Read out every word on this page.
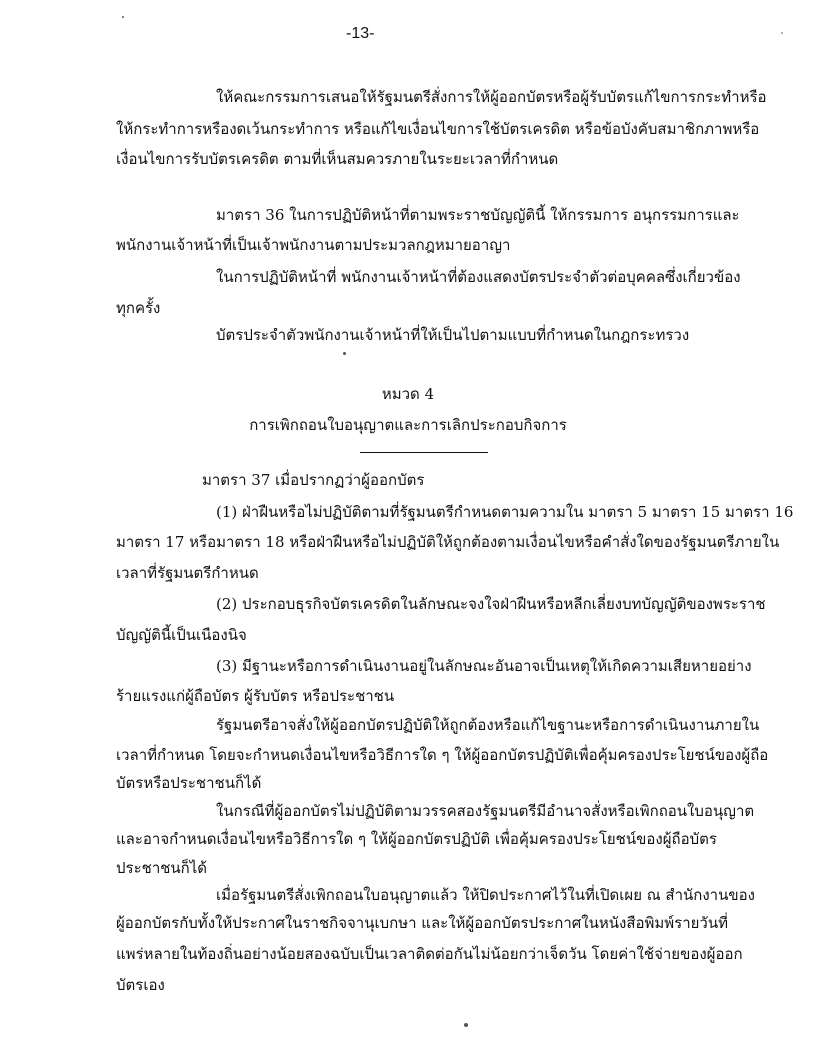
-13-
ให้คณะกรรมการเสนอให้รัฐมนตรีสั่งการให้ผู้ออกบัตรหรือผู้รับบัตรแก้ไขการกระทำหรือ
ให้กระทำการหรืองดเว้นกระทำการ หรือแก้ไขเงื่อนไขการใช้บัตรเครดิต หรือข้อบังคับสมาชิกภาพหรือ
เงื่อนไขการรับบัตรเครดิต ตามที่เห็นสมควรภายในระยะเวลาที่กำหนด
มาตรา 36 ในการปฏิบัติหน้าที่ตามพระราชบัญญัตินี้ ให้กรรมการ อนุกรรมการและ
พนักงานเจ้าหน้าที่เป็นเจ้าพนักงานตามประมวลกฎหมายอาญา
ในการปฏิบัติหน้าที่ พนักงานเจ้าหน้าที่ต้องแสดงบัตรประจำตัวต่อบุคคลซึ่งเกี่ยวข้อง
ทุกครั้ง
บัตรประจำตัวพนักงานเจ้าหน้าที่ให้เป็นไปตามแบบที่กำหนดในกฎกระทรวง
หมวด 4
การเพิกถอนใบอนุญาตและการเลิกประกอบกิจการ
มาตรา 37 เมื่อปรากฏว่าผู้ออกบัตร
(1) ฝ่าฝืนหรือไม่ปฏิบัติตามที่รัฐมนตรีกำหนดตามความใน มาตรา 5 มาตรา 15 มาตรา 16
มาตรา 17 หรือมาตรา 18 หรือฝ่าฝืนหรือไม่ปฏิบัติให้ถูกต้องตามเงื่อนไขหรือคำสั่งใดของรัฐมนตรีภายใน
เวลาที่รัฐมนตรีกำหนด
(2) ประกอบธุรกิจบัตรเครดิตในลักษณะจงใจฝ่าฝืนหรือหลีกเลี่ยงบทบัญญัติของพระราช
บัญญัตินี้เป็นเนืองนิจ
(3) มีฐานะหรือการดำเนินงานอยู่ในลักษณะอันอาจเป็นเหตุให้เกิดความเสียหายอย่าง
ร้ายแรงแก่ผู้ถือบัตร ผู้รับบัตร หรือประชาชน
รัฐมนตรีอาจสั่งให้ผู้ออกบัตรปฏิบัติให้ถูกต้องหรือแก้ไขฐานะหรือการดำเนินงานภายใน
เวลาที่กำหนด โดยจะกำหนดเงื่อนไขหรือวิธีการใด ๆ ให้ผู้ออกบัตรปฏิบัติเพื่อคุ้มครองประโยชน์ของผู้ถือ
บัตรหรือประชาชนก็ได้
ในกรณีที่ผู้ออกบัตรไม่ปฏิบัติตามวรรคสองรัฐมนตรีมีอำนาจสั่งหรือเพิกถอนใบอนุญาต
และอาจกำหนดเงื่อนไขหรือวิธีการใด ๆ ให้ผู้ออกบัตรปฏิบัติ เพื่อคุ้มครองประโยชน์ของผู้ถือบัตร
ประชาชนก็ได้
เมื่อรัฐมนตรีสั่งเพิกถอนใบอนุญาตแล้ว ให้ปิดประกาศไว้ในที่เปิดเผย ณ สำนักงานของ
ผู้ออกบัตรกับทั้งให้ประกาศในราชกิจจานุเบกษา และให้ผู้ออกบัตรประกาศในหนังสือพิมพ์รายวันที่
แพร่หลายในท้องถิ่นอย่างน้อยสองฉบับเป็นเวลาติดต่อกันไม่น้อยกว่าเจ็ดวัน โดยค่าใช้จ่ายของผู้ออก
บัตรเอง
